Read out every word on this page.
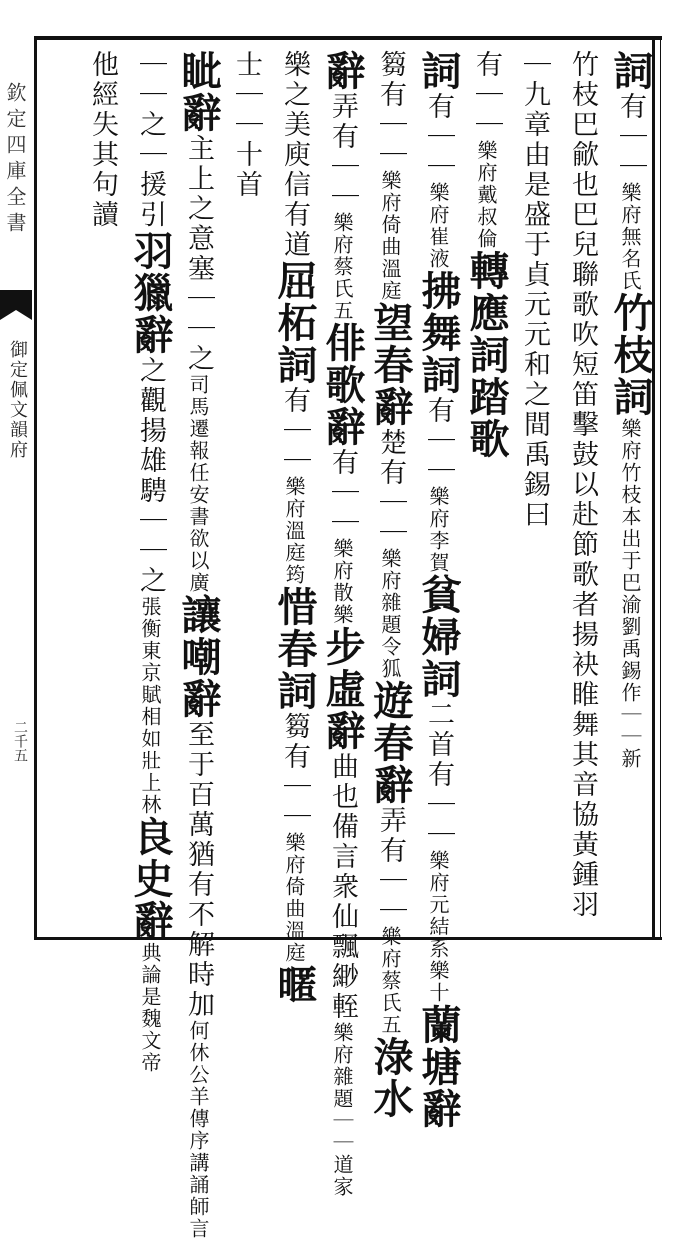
欽定四庫全書
御定佩文韻府
二千五
詞有｜｜樂府無名氏竹枝詞樂府竹枝本出于巴渝劉禹錫作｜｜新
竹枝巴歈也巴兒聯歌吹短笛擊鼓以赴節歌者揚袂睢舞其音協黃鍾羽
｜九章由是盛于貞元元和之間禹錫曰
有｜｜樂府戴叔倫轉應詞踏歌
詞有｜｜樂府崔液拂舞詞有｜｜樂府李賀貧婦詞二首有｜｜樂府元結系樂十蘭塘辭
篘有｜｜樂府倚曲溫庭望春辭楚有｜｜樂府雜題令狐遊春辭弄有｜｜樂府蔡氏五淥水
辭弄有｜｜樂府蔡氏五俳歌辭有｜｜樂府散樂步虛辭曲也備言衆仙飄緲輊樂府雜題｜｜道家
樂之美庾信有道屈柘詞有｜｜樂府溫庭筠惜春詞篘有｜｜樂府倚曲溫庭暱
士｜｜十首
眦辭主上之意塞｜｜之司馬遷報任安書欲以廣讓嘲辭至于百萬猶有不解時加何休公羊傳序講誦師言
｜｜之｜援引羽獵辭之觀揚雄騁｜｜之張衡東京賦相如壯上林良史辭典論是魏文帝
他經失其句讀
